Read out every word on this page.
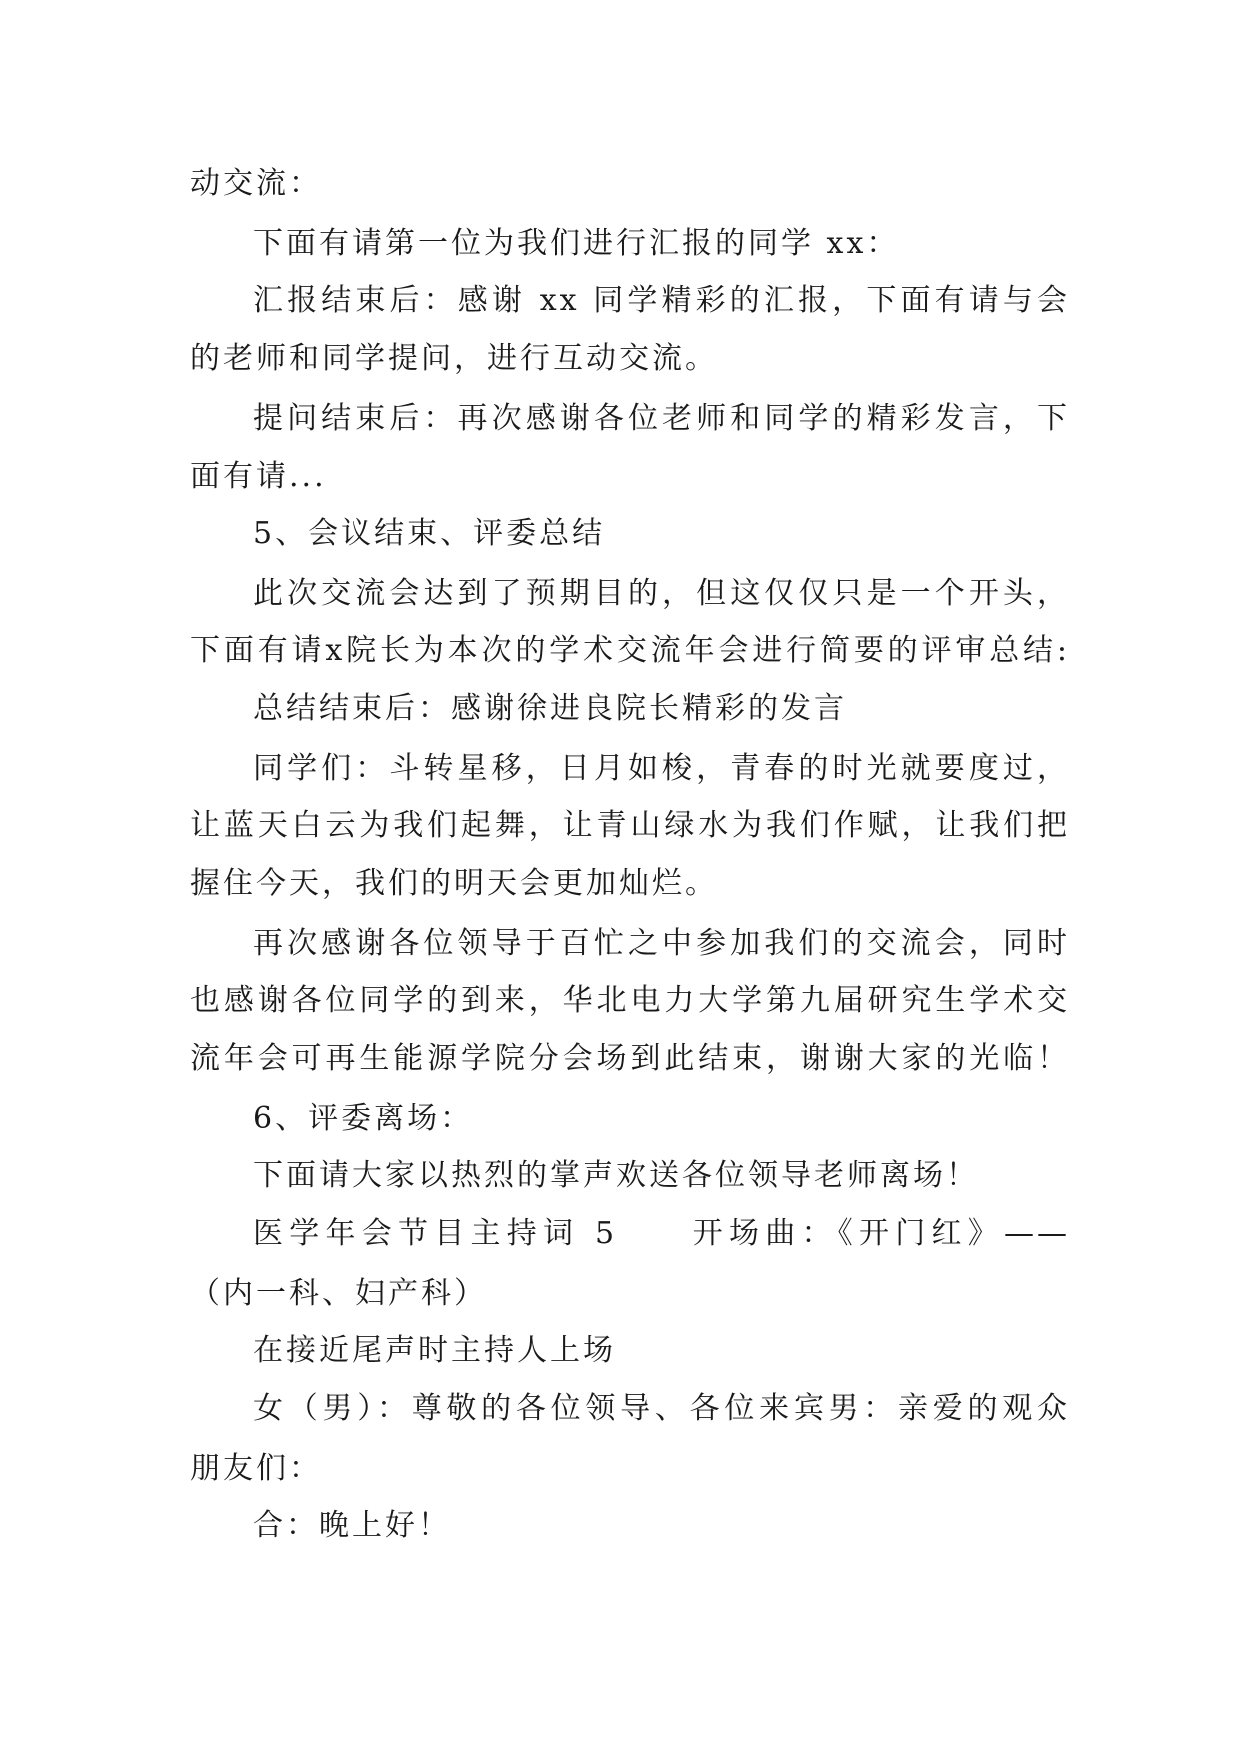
动交流：
下面有请第一位为我们进行汇报的同学 xx：
汇报结束后：感谢 xx 同学精彩的汇报，下面有请与会
的老师和同学提问，进行互动交流。
提问结束后：再次感谢各位老师和同学的精彩发言，下
面有请...
5、会议结束、评委总结
此次交流会达到了预期目的，但这仅仅只是一个开头，
下面有请x院长为本次的学术交流年会进行简要的评审总结:
总结结束后：感谢徐进良院长精彩的发言
同学们：斗转星移，日月如梭，青春的时光就要度过，
让蓝天白云为我们起舞，让青山绿水为我们作赋，让我们把
握住今天，我们的明天会更加灿烂。
再次感谢各位领导于百忙之中参加我们的交流会，同时
也感谢各位同学的到来，华北电力大学第九届研究生学术交
流年会可再生能源学院分会场到此结束，谢谢大家的光临！
6、评委离场：
下面请大家以热烈的掌声欢送各位领导老师离场！
医学年会节目主持词 5　　开场曲：《开门红》——
（内一科、妇产科）
在接近尾声时主持人上场
女（男）：尊敬的各位领导、各位来宾男：亲爱的观众
朋友们：
合：晚上好！
